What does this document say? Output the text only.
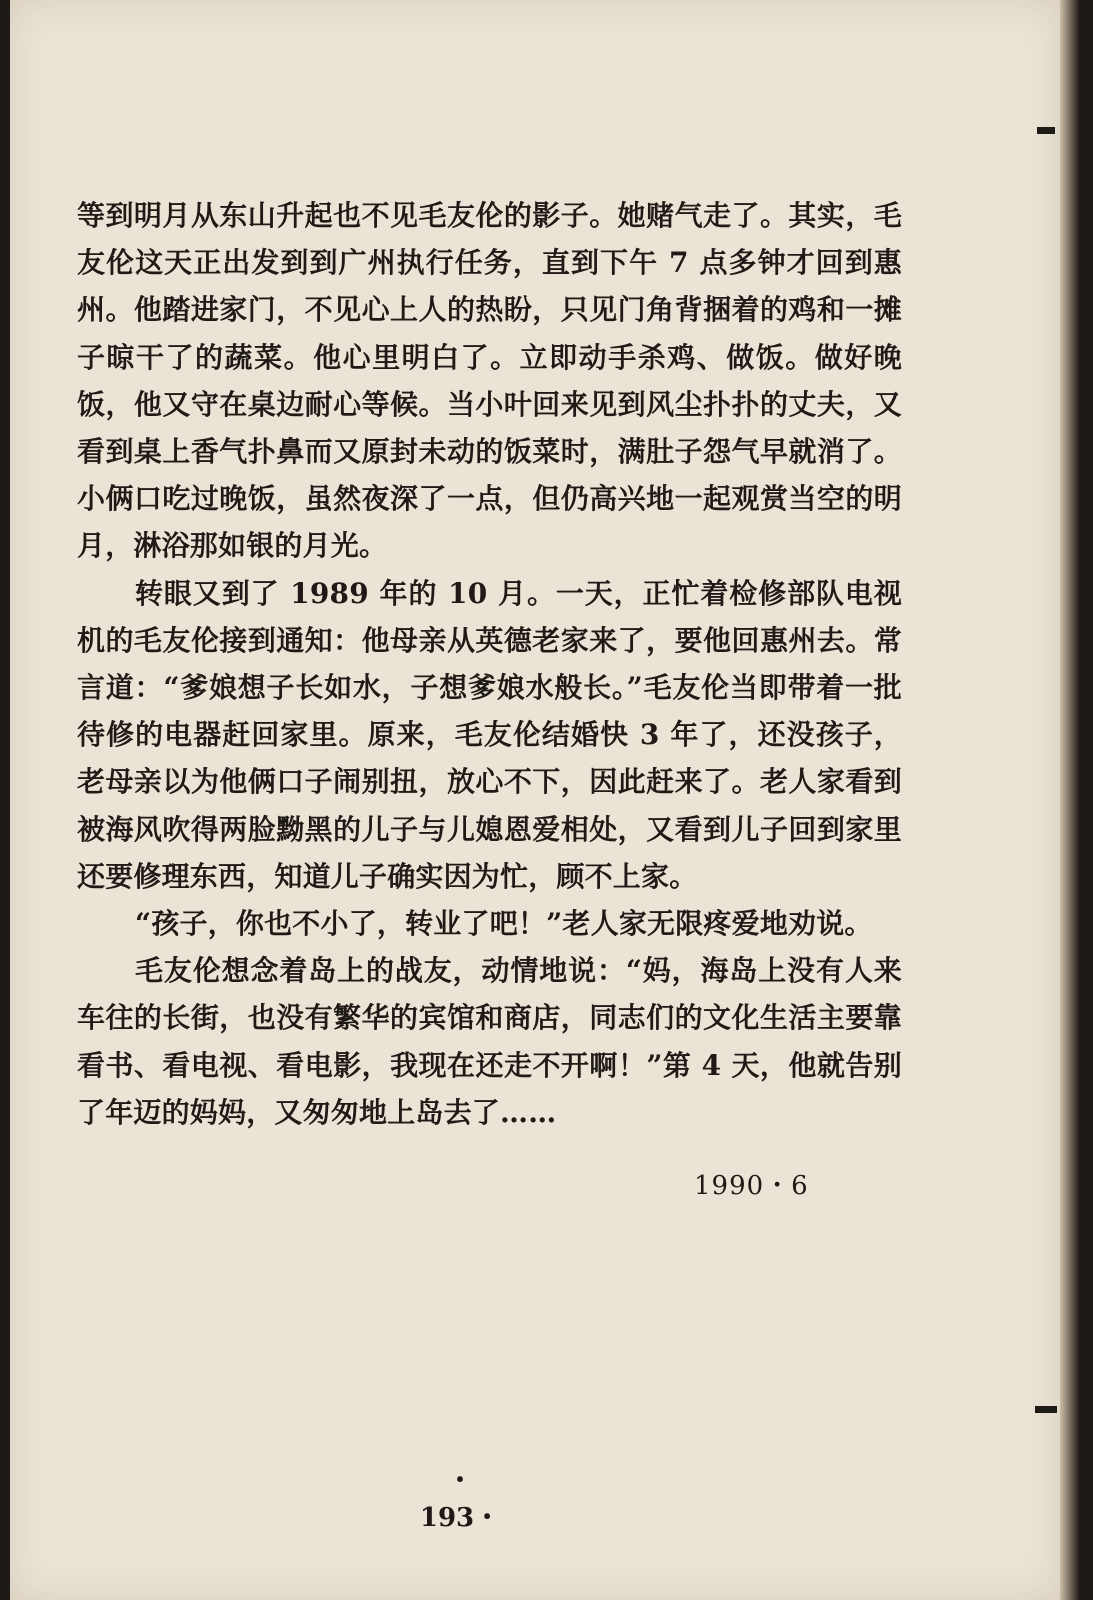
等到明月从东山升起也不见毛友伦的影子。她赌气走了。其实，毛友伦这天正出发到到广州执行任务，直到下午 7 点多钟才回到惠州。他踏进家门，不见心上人的热盼，只见门角背捆着的鸡和一摊子晾干了的蔬菜。他心里明白了。立即动手杀鸡、做饭。做好晚饭，他又守在桌边耐心等候。当小叶回来见到风尘扑扑的丈夫，又看到桌上香气扑鼻而又原封未动的饭菜时，满肚子怨气早就消了。小俩口吃过晚饭，虽然夜深了一点，但仍高兴地一起观赏当空的明月，淋浴那如银的月光。

转眼又到了 1989 年的 10 月。一天，正忙着检修部队电视机的毛友伦接到通知：他母亲从英德老家来了，要他回惠州去。常言道：“爹娘想子长如水，子想爹娘水般长。”毛友伦当即带着一批待修的电器赶回家里。原来，毛友伦结婚快 3 年了，还没孩子，老母亲以为他俩口子闹别扭，放心不下，因此赶来了。老人家看到被海风吹得两脸黝黑的儿子与儿媳恩爱相处，又看到儿子回到家里还要修理东西，知道儿子确实因为忙，顾不上家。

“孩子，你也不小了，转业了吧！”老人家无限疼爱地劝说。

毛友伦想念着岛上的战友，动情地说：“妈，海岛上没有人来车往的长街，也没有繁华的宾馆和商店，同志们的文化生活主要靠看书、看电视、看电影，我现在还走不开啊！”第 4 天，他就告别了年迈的妈妈，又匆匆地上岛去了……

1990・6
・193・
